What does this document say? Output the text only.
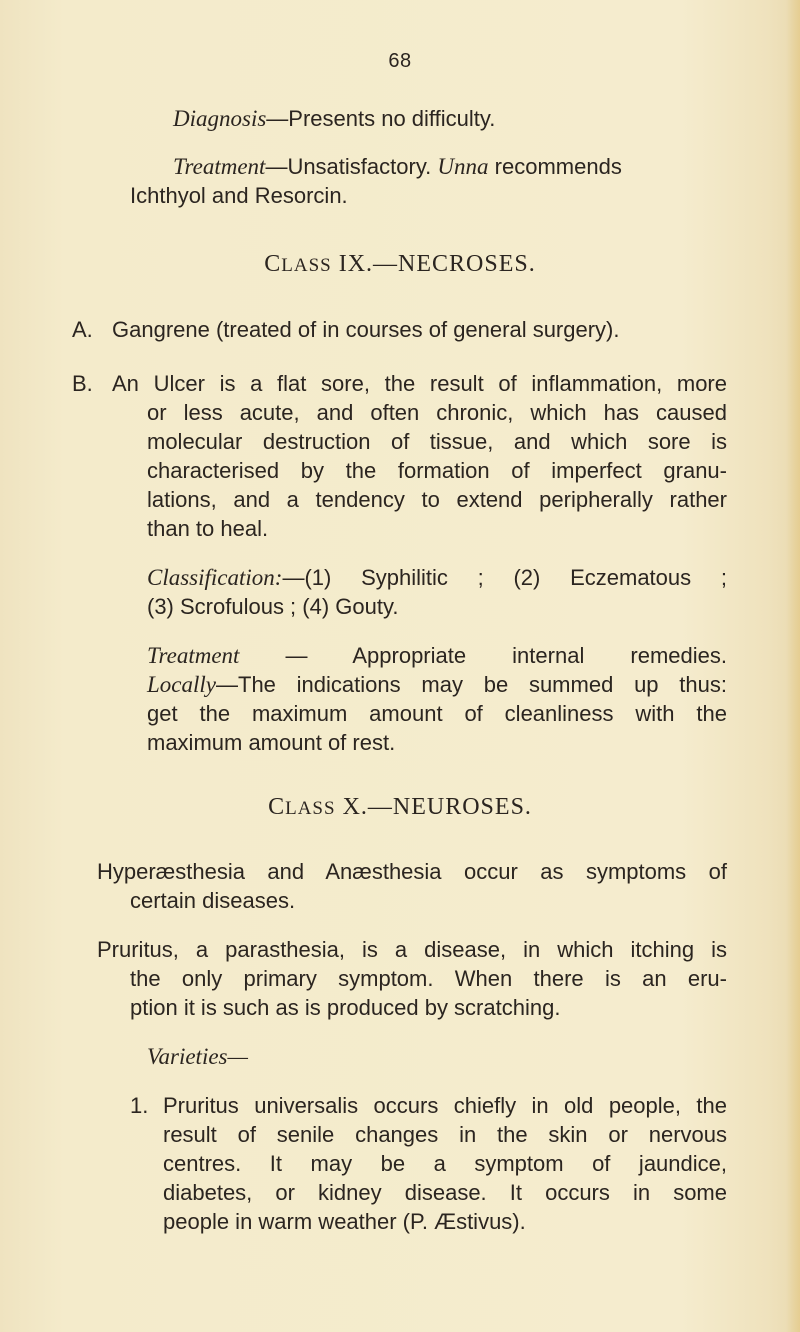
68
Diagnosis—Presents no difficulty.
Treatment—Unsatisfactory. Unna recommends
Ichthyol and Resorcin.
CLASS IX.—NECROSES.
A. Gangrene (treated of in courses of general surgery).
B. An Ulcer is a flat sore, the result of inflammation, more
or less acute, and often chronic, which has caused
molecular destruction of tissue, and which sore is
characterised by the formation of imperfect granu-
lations, and a tendency to extend peripherally rather
than to heal.
Classification:—(1) Syphilitic ; (2) Eczematous ;
(3) Scrofulous ; (4) Gouty.
Treatment — Appropriate internal remedies.
Locally—The indications may be summed up thus:
get the maximum amount of cleanliness with the
maximum amount of rest.
CLASS X.—NEUROSES.
Hyperæsthesia and Anæsthesia occur as symptoms of
certain diseases.
Pruritus, a parasthesia, is a disease, in which itching is
the only primary symptom. When there is an eru-
ption it is such as is produced by scratching.
Varieties—
1. Pruritus universalis occurs chiefly in old people, the
result of senile changes in the skin or nervous
centres. It may be a symptom of jaundice,
diabetes, or kidney disease. It occurs in some
people in warm weather (P. Æstivus).
